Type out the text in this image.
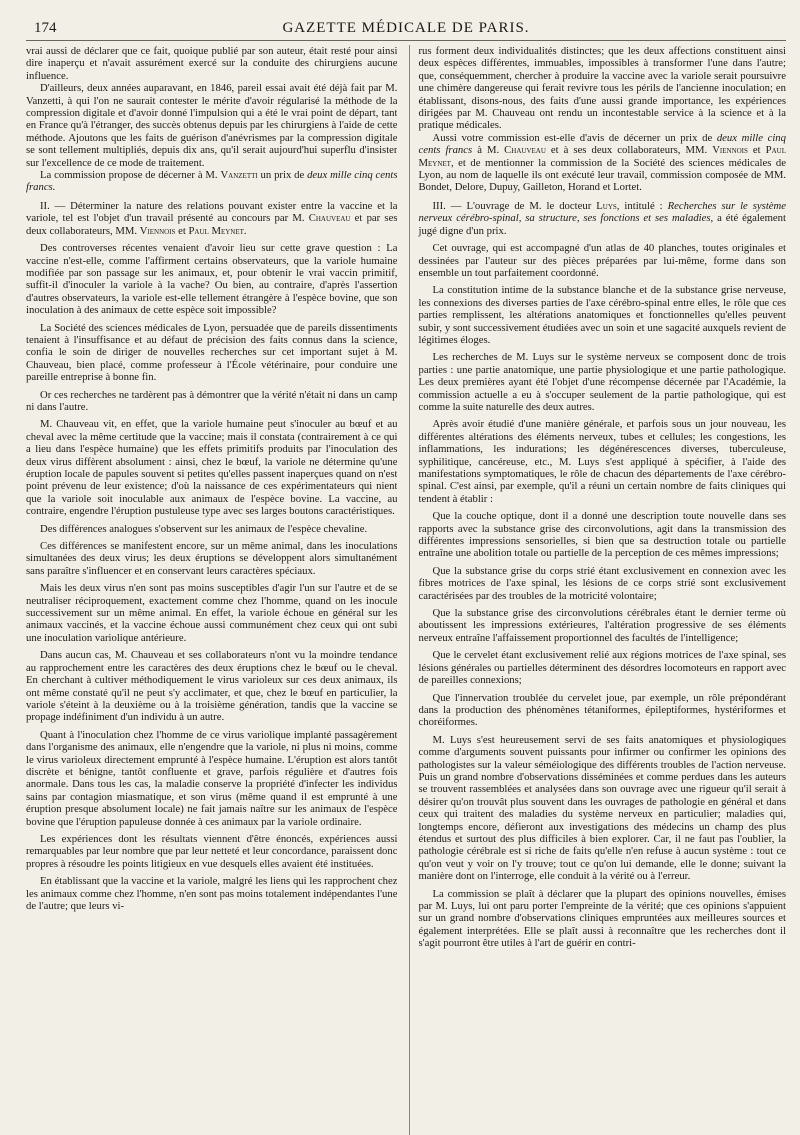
174	GAZETTE MÉDICALE DE PARIS.

vrai aussi de déclarer que ce fait, quoique publié par son auteur, était resté pour ainsi dire inaperçu et n'avait assurément exercé sur la conduite des chirurgiens aucune influence.

D'ailleurs, deux années auparavant, en 1846, pareil essai avait été déjà fait par M. Vanzetti, à qui l'on ne saurait contester le mérite d'avoir régularisé la méthode de la compression digitale et d'avoir donné l'impulsion qui a été le vrai point de départ, tant en France qu'à l'étranger, des succès obtenus depuis par les chirurgiens à l'aide de cette méthode. Ajoutons que les faits de guérison d'anévrismes par la compression digitale se sont tellement multipliés, depuis dix ans, qu'il serait aujourd'hui superflu d'insister sur l'excellence de ce mode de traitement.

La commission propose de décerner à M. Vanzetti un prix de deux mille cinq cents francs.

II. — Déterminer la nature des relations pouvant exister entre la vaccine et la variole, tel est l'objet d'un travail présenté au concours par M. Chauveau et par ses deux collaborateurs, MM. Viennois et Paul Meynet.

Des controverses récentes venaient d'avoir lieu sur cette grave question : La vaccine n'est-elle, comme l'affirment certains observateurs, que la variole humaine modifiée par son passage sur les animaux, et, pour obtenir le vrai vaccin primitif, suffit-il d'inoculer la variole à la vache? Ou bien, au contraire, d'après l'assertion d'autres observateurs, la variole est-elle tellement étrangère à l'espèce bovine, que son inoculation à des animaux de cette espèce soit impossible?

La Société des sciences médicales de Lyon, persuadée que de pareils dissentiments tenaient à l'insuffisance et au défaut de précision des faits connus dans la science, confia le soin de diriger de nouvelles recherches sur cet important sujet à M. Chauveau, bien placé, comme professeur à l'École vétérinaire, pour conduire une pareille entreprise à bonne fin.

Or ces recherches ne tardèrent pas à démontrer que la vérité n'était ni dans un camp ni dans l'autre.

M. Chauveau vit, en effet, que la variole humaine peut s'inoculer au bœuf et au cheval avec la même certitude que la vaccine; mais il constata (contrairement à ce qui a lieu dans l'espèce humaine) que les effets primitifs produits par l'inoculation des deux virus diffèrent absolument : ainsi, chez le bœuf, la variole ne détermine qu'une éruption locale de papules souvent si petites qu'elles passent inaperçues quand on n'est point prévenu de leur existence; d'où la naissance de ces expérimentateurs qui nient que la variole soit inoculable aux animaux de l'espèce bovine. La vaccine, au contraire, engendre l'éruption pustuleuse type avec ses larges boutons caractéristiques.

Des différences analogues s'observent sur les animaux de l'espèce chevaline.

Ces différences se manifestent encore, sur un même animal, dans les inoculations simultanées des deux virus; les deux éruptions se développent alors simultanément sans paraître s'influencer et en conservant leurs caractères spéciaux.

Mais les deux virus n'en sont pas moins susceptibles d'agir l'un sur l'autre et de se neutraliser réciproquement, exactement comme chez l'homme, quand on les inocule successivement sur un même animal. En effet, la variole échoue en général sur les animaux vaccinés, et la vaccine échoue aussi communément chez ceux qui ont subi une inoculation variolique antérieure.

Dans aucun cas, M. Chauveau et ses collaborateurs n'ont vu la moindre tendance au rapprochement entre les caractères des deux éruptions chez le bœuf ou le cheval. En cherchant à cultiver méthodiquement le virus varioleux sur ces deux animaux, ils ont même constaté qu'il ne peut s'y acclimater, et que, chez le bœuf en particulier, la variole s'éteint à la deuxième ou à la troisième génération, tandis que la vaccine se propage indéfiniment d'un individu à un autre.

Quant à l'inoculation chez l'homme de ce virus variolique implanté passagèrement dans l'organisme des animaux, elle n'engendre que la variole, ni plus ni moins, comme le virus varioleux directement emprunté à l'espèce humaine. L'éruption est alors tantôt discrète et bénigne, tantôt confluente et grave, parfois régulière et d'autres fois anormale. Dans tous les cas, la maladie conserve la propriété d'infecter les individus sains par contagion miasmatique, et son virus (même quand il est emprunté à une éruption presque absolument locale) ne fait jamais naître sur les animaux de l'espèce bovine que l'éruption papuleuse donnée à ces animaux par la variole ordinaire.

Les expériences dont les résultats viennent d'être énoncés, expériences aussi remarquables par leur nombre que par leur netteté et leur concordance, paraissent donc propres à résoudre les points litigieux en vue desquels elles avaient été instituées.

En établissant que la vaccine et la variole, malgré les liens qui les rapprochent chez les animaux comme chez l'homme, n'en sont pas moins totalement indépendantes l'une de l'autre; que leurs vi-

rus forment deux individualités distinctes; que les deux affections constituent ainsi deux espèces différentes, immuables, impossibles à transformer l'une dans l'autre; que, conséquemment, chercher à produire la vaccine avec la variole serait poursuivre une chimère dangereuse qui ferait revivre tous les périls de l'ancienne inoculation; en établissant, disons-nous, des faits d'une aussi grande importance, les expériences dirigées par M. Chauveau ont rendu un incontestable service à la science et à la pratique médicales.

Aussi votre commission est-elle d'avis de décerner un prix de deux mille cinq cents francs à M. Chauveau et à ses deux collaborateurs, MM. Viennois et Paul Meynet, et de mentionner la commission de la Société des sciences médicales de Lyon, au nom de laquelle ils ont exécuté leur travail, commission composée de MM. Bondet, Delore, Dupuy, Gailleton, Horand et Lortet.

III. — L'ouvrage de M. le docteur Luys, intitulé : Recherches sur le système nerveux cérébro-spinal, sa structure, ses fonctions et ses maladies, a été également jugé digne d'un prix.

Cet ouvrage, qui est accompagné d'un atlas de 40 planches, toutes originales et dessinées par l'auteur sur des pièces préparées par lui-même, forme dans son ensemble un tout parfaitement coordonné.

La constitution intime de la substance blanche et de la substance grise nerveuse, les connexions des diverses parties de l'axe cérébro-spinal entre elles, le rôle que ces parties remplissent, les altérations anatomiques et fonctionnelles qu'elles peuvent subir, y sont successivement étudiées avec un soin et une sagacité auxquels revient de légitimes éloges.

Les recherches de M. Luys sur le système nerveux se composent donc de trois parties : une partie anatomique, une partie physiologique et une partie pathologique. Les deux premières ayant été l'objet d'une récompense décernée par l'Académie, la commission actuelle a eu à s'occuper seulement de la partie pathologique, qui est comme la suite naturelle des deux autres.

Après avoir étudié d'une manière générale, et parfois sous un jour nouveau, les différentes altérations des éléments nerveux, tubes et cellules; les congestions, les inflammations, les indurations; les dégénérescences diverses, tuberculeuse, syphilitique, cancéreuse, etc., M. Luys s'est appliqué à spécifier, à l'aide des manifestations symptomatiques, le rôle de chacun des départements de l'axe cérébro-spinal. C'est ainsi, par exemple, qu'il a réuni un certain nombre de faits cliniques qui tendent à établir :

Que la couche optique, dont il a donné une description toute nouvelle dans ses rapports avec la substance grise des circonvolutions, agit dans la transmission des différentes impressions sensorielles, si bien que sa destruction totale ou partielle entraîne une abolition totale ou partielle de la perception de ces mêmes impressions;

Que la substance grise du corps strié étant exclusivement en connexion avec les fibres motrices de l'axe spinal, les lésions de ce corps strié sont exclusivement caractérisées par des troubles de la motricité volontaire;

Que la substance grise des circonvolutions cérébrales étant le dernier terme où aboutissent les impressions extérieures, l'altération progressive de ses éléments nerveux entraîne l'affaissement proportionnel des facultés de l'intelligence;

Que le cervelet étant exclusivement relié aux régions motrices de l'axe spinal, ses lésions générales ou partielles déterminent des désordres locomoteurs en rapport avec de pareilles connexions;

Que l'innervation troublée du cervelet joue, par exemple, un rôle prépondérant dans la production des phénomènes tétaniformes, épileptiformes, hystériformes et choréiformes.

M. Luys s'est heureusement servi de ses faits anatomiques et physiologiques comme d'arguments souvent puissants pour infirmer ou confirmer les opinions des pathologistes sur la valeur séméiologique des différents troubles de l'action nerveuse. Puis un grand nombre d'observations disséminées et comme perdues dans les auteurs se trouvent rassemblées et analysées dans son ouvrage avec une rigueur qu'il serait à désirer qu'on trouvât plus souvent dans les ouvrages de pathologie en général et dans ceux qui traitent des maladies du système nerveux en particulier; maladies qui, longtemps encore, défieront aux investigations des médecins un champ des plus étendus et surtout des plus difficiles à bien explorer. Car, il ne faut pas l'oublier, la pathologie cérébrale est si riche de faits qu'elle n'en refuse à aucun système : tout ce qu'on veut y voir on l'y trouve; tout ce qu'on lui demande, elle le donne; suivant la manière dont on l'interroge, elle conduit à la vérité ou à l'erreur.

La commission se plaît à déclarer que la plupart des opinions nouvelles, émises par M. Luys, lui ont paru porter l'empreinte de la vérité; que ces opinions s'appuient sur un grand nombre d'observations cliniques empruntées aux meilleures sources et également interprétées. Elle se plaît aussi à reconnaître que les recherches dont il s'agit pourront être utiles à l'art de guérir en contri-
